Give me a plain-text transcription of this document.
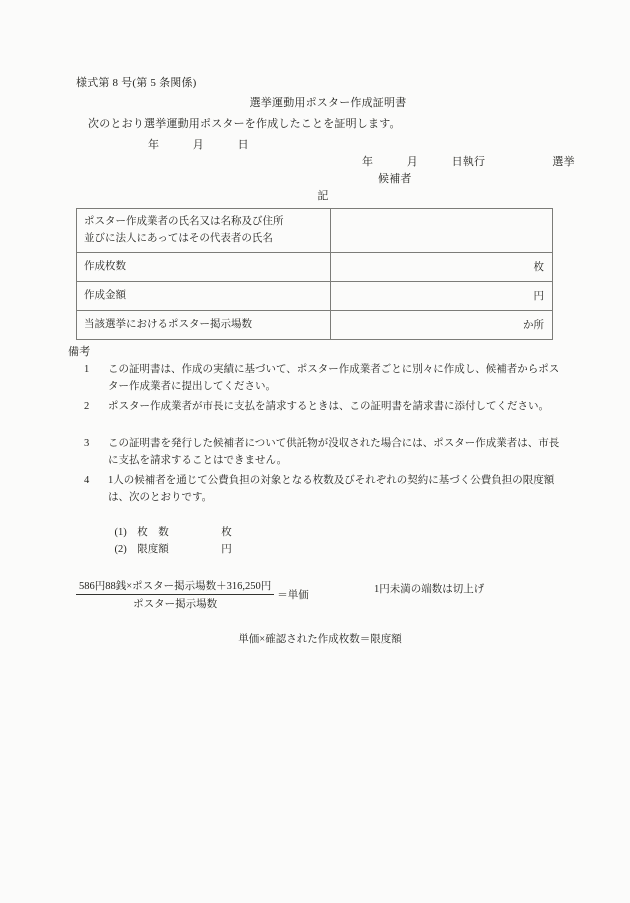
様式第 8 号(第 5 条関係)
選挙運動用ポスター作成証明書
次のとおり選挙運動用ポスターを作成したことを証明します。
年　　　月　　　日
年　　　月　　　日執行　　　　　　選挙
候補者
記
ポスター作成業者の氏名又は名称及び住所
並びに法人にあってはその代表者の氏名	
作成枚数	枚
作成金額	円
当該選挙におけるポスター掲示場数	か所
備考
1	この証明書は、作成の実績に基づいて、ポスター作成業者ごとに別々に作成し、候補者からポスター作成業者に提出してください。
2	ポスター作成業者が市長に支払を請求するときは、この証明書を請求書に添付してください。
3	この証明書を発行した候補者について供託物が没収された場合には、ポスター作成業者は、市長に支払を請求することはできません。
4	1人の候補者を通じて公費負担の対象となる枚数及びそれぞれの契約に基づく公費負担の限度額は、次のとおりです。

(1)　 枚　数　　　　　	枚

(2)　 限度額　　　　　	円

$\frac{\text{586円88銭×ポスター掲示場数＋316,250円}}{\text{ポスター掲示場数}}$ ＝単価
1円未満の端数は切上げ
単価×確認された作成枚数＝限度額
